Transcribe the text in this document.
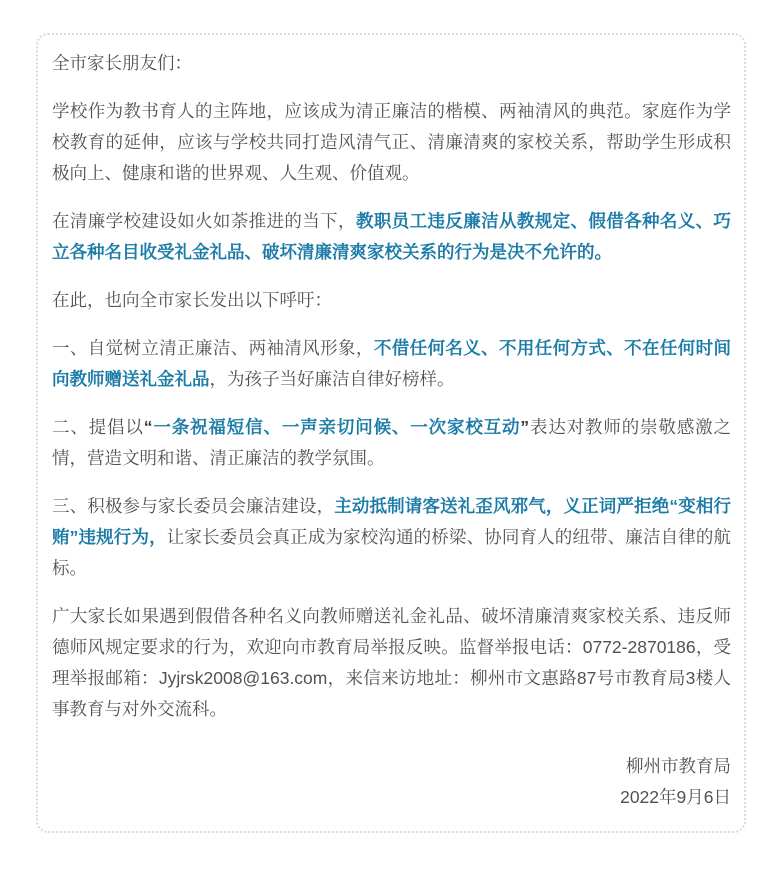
全市家长朋友们：

学校作为教书育人的主阵地，应该成为清正廉洁的楷模、两袖清风的典范。家庭作为学校教育的延伸，应该与学校共同打造风清气正、清廉清爽的家校关系，帮助学生形成积极向上、健康和谐的世界观、人生观、价值观。

在清廉学校建设如火如荼推进的当下，教职员工违反廉洁从教规定、假借各种名义、巧立各种名目收受礼金礼品、破坏清廉清爽家校关系的行为是决不允许的。

在此，也向全市家长发出以下呼吁：

一、自觉树立清正廉洁、两袖清风形象，不借任何名义、不用任何方式、不在任何时间向教师赠送礼金礼品，为孩子当好廉洁自律好榜样。

二、提倡以“一条祝福短信、一声亲切问候、一次家校互动”表达对教师的崇敬感激之情，营造文明和谐、清正廉洁的教学氛围。

三、积极参与家长委员会廉洁建设，主动抵制请客送礼歪风邪气，义正词严拒绝“变相行贿”违规行为，让家长委员会真正成为家校沟通的桥梁、协同育人的纽带、廉洁自律的航标。

广大家长如果遇到假借各种名义向教师赠送礼金礼品、破坏清廉清爽家校关系、违反师德师风规定要求的行为，欢迎向市教育局举报反映。监督举报电话：0772-2870186，受理举报邮箱：Jyjrsk2008@163.com，来信来访地址：柳州市文惠路87号市教育局3楼人事教育与对外交流科。

柳州市教育局

2022年9月6日
